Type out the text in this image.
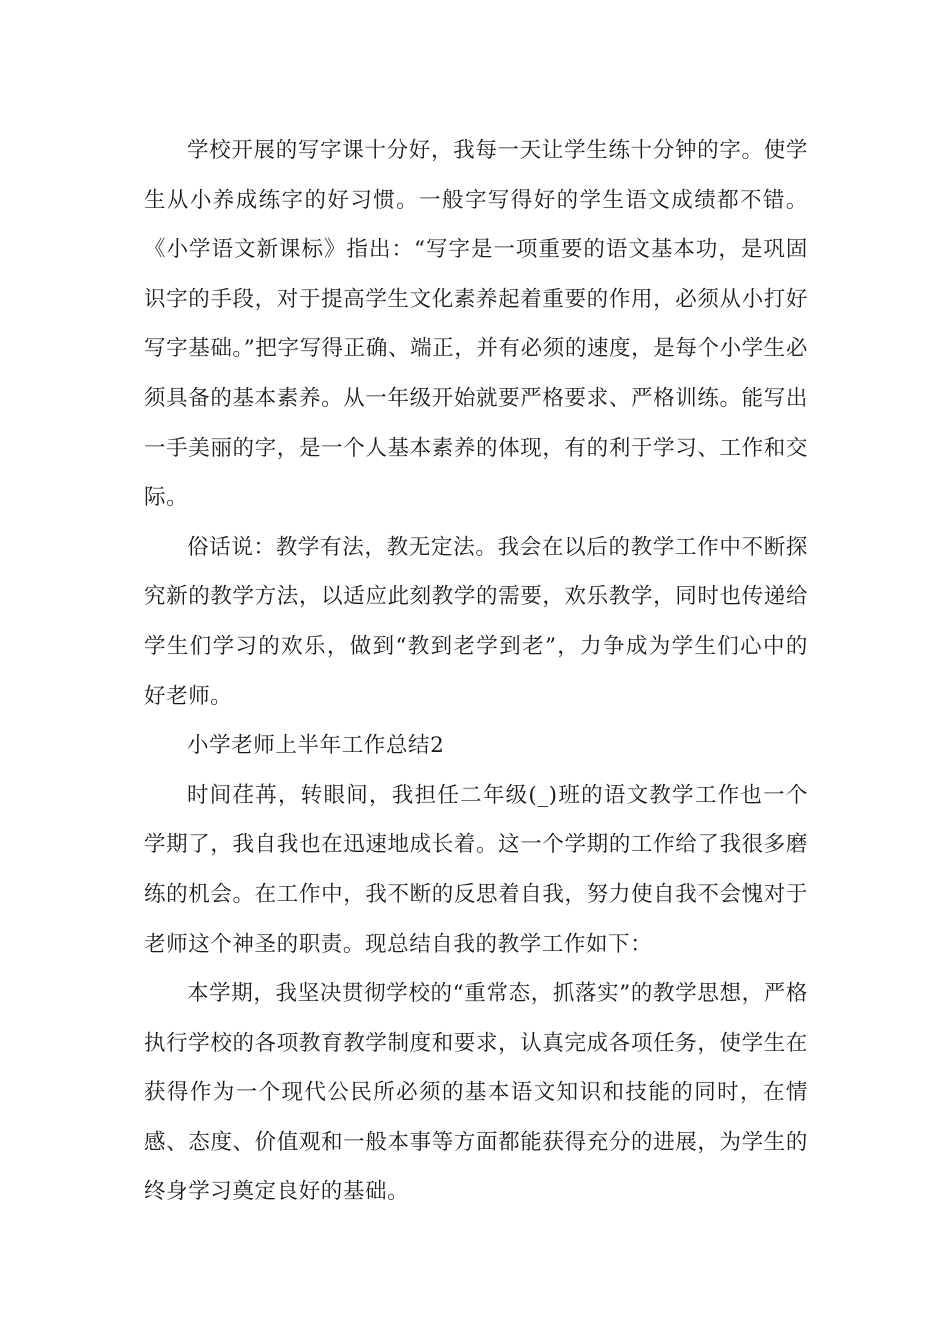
学校开展的写字课十分好，我每一天让学生练十分钟的字。使学生从小养成练字的好习惯。一般字写得好的学生语文成绩都不错。《小学语文新课标》指出：“写字是一项重要的语文基本功，是巩固识字的手段，对于提高学生文化素养起着重要的作用，必须从小打好写字基础。”把字写得正确、端正，并有必须的速度，是每个小学生必须具备的基本素养。从一年级开始就要严格要求、严格训练。能写出一手美丽的字，是一个人基本素养的体现，有的利于学习、工作和交际。

俗话说：教学有法，教无定法。我会在以后的教学工作中不断探究新的教学方法，以适应此刻教学的需要，欢乐教学，同时也传递给学生们学习的欢乐，做到“教到老学到老”，力争成为学生们心中的好老师。

小学老师上半年工作总结2

时间荏苒，转眼间，我担任二年级(_)班的语文教学工作也一个学期了，我自我也在迅速地成长着。这一个学期的工作给了我很多磨练的机会。在工作中，我不断的反思着自我，努力使自我不会愧对于老师这个神圣的职责。现总结自我的教学工作如下：

本学期，我坚决贯彻学校的“重常态，抓落实”的教学思想，严格执行学校的各项教育教学制度和要求，认真完成各项任务，使学生在获得作为一个现代公民所必须的基本语文知识和技能的同时，在情感、态度、价值观和一般本事等方面都能获得充分的进展，为学生的终身学习奠定良好的基础。
